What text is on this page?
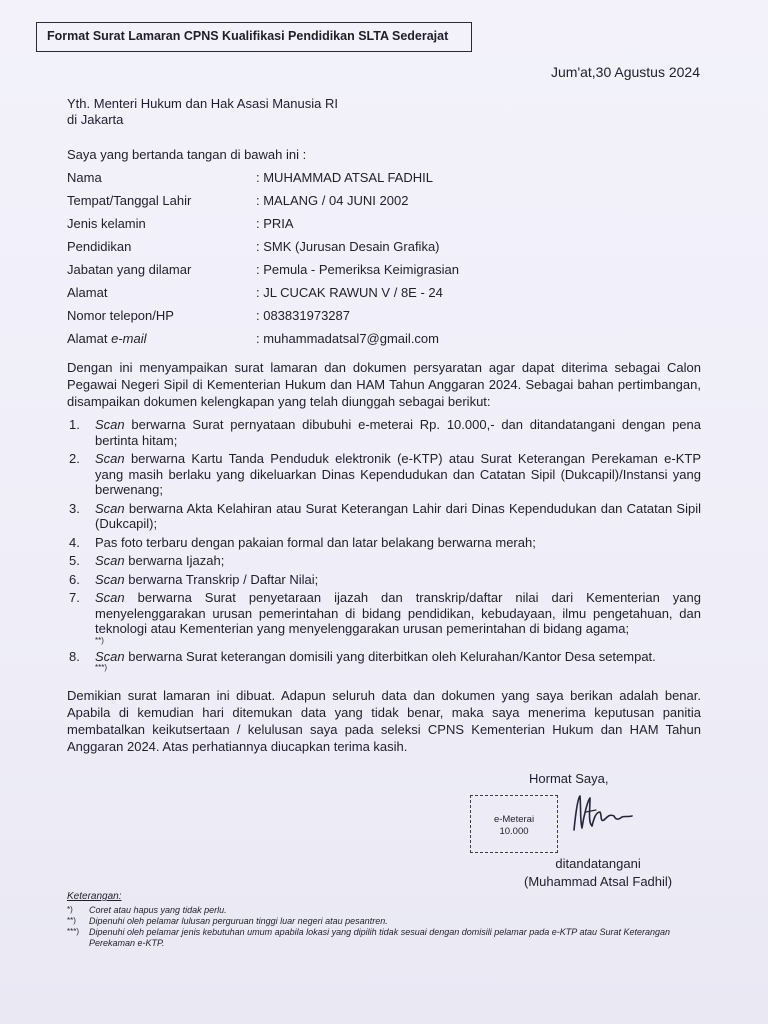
Format Surat Lamaran CPNS Kualifikasi Pendidikan SLTA Sederajat
Jum'at,30 Agustus 2024
Yth. Menteri Hukum dan Hak Asasi Manusia RI
di Jakarta
Saya yang bertanda tangan di bawah ini :
Nama	: MUHAMMAD ATSAL FADHIL
Tempat/Tanggal Lahir	: MALANG / 04 JUNI 2002
Jenis kelamin	: PRIA
Pendidikan	: SMK (Jurusan Desain Grafika)
Jabatan yang dilamar	: Pemula - Pemeriksa Keimigrasian
Alamat	: JL CUCAK RAWUN V / 8E - 24
Nomor telepon/HP	: 083831973287
Alamat e-mail	: muhammadatsal7@gmail.com
Dengan ini menyampaikan surat lamaran dan dokumen persyaratan agar dapat diterima sebagai Calon Pegawai Negeri Sipil di Kementerian Hukum dan HAM Tahun Anggaran 2024. Sebagai bahan pertimbangan, disampaikan dokumen kelengkapan yang telah diunggah sebagai berikut:
1. Scan berwarna Surat pernyataan dibubuhi e-meterai Rp. 10.000,- dan ditandatangani dengan pena bertinta hitam;
2. Scan berwarna Kartu Tanda Penduduk elektronik (e-KTP) atau Surat Keterangan Perekaman e-KTP yang masih berlaku yang dikeluarkan Dinas Kependudukan dan Catatan Sipil (Dukcapil)/Instansi yang berwenang;
3. Scan berwarna Akta Kelahiran atau Surat Keterangan Lahir dari Dinas Kependudukan dan Catatan Sipil (Dukcapil);
4. Pas foto terbaru dengan pakaian formal dan latar belakang berwarna merah;
5. Scan berwarna Ijazah;
6. Scan berwarna Transkrip / Daftar Nilai;
7. Scan berwarna Surat penyetaraan ijazah dan transkrip/daftar nilai dari Kementerian yang menyelenggarakan urusan pemerintahan di bidang pendidikan, kebudayaan, ilmu pengetahuan, dan teknologi atau Kementerian yang menyelenggarakan urusan pemerintahan di bidang agama;
**)
8. Scan berwarna Surat keterangan domisili yang diterbitkan oleh Kelurahan/Kantor Desa setempat.
***)
Demikian surat lamaran ini dibuat. Adapun seluruh data dan dokumen yang saya berikan adalah benar. Apabila di kemudian hari ditemukan data yang tidak benar, maka saya menerima keputusan panitia membatalkan keikutsertaan / kelulusan saya pada seleksi CPNS Kementerian Hukum dan HAM Tahun Anggaran 2024. Atas perhatiannya diucapkan terima kasih.
Hormat Saya,
e-Meterai
10.000
ditandatangani
(Muhammad Atsal Fadhil)
Keterangan:
*) Coret atau hapus yang tidak perlu.
**) Dipenuhi oleh pelamar lulusan perguruan tinggi luar negeri atau pesantren.
***) Dipenuhi oleh pelamar jenis kebutuhan umum apabila lokasi yang dipilih tidak sesuai dengan domisili pelamar pada e-KTP atau Surat Keterangan Perekaman e-KTP.
